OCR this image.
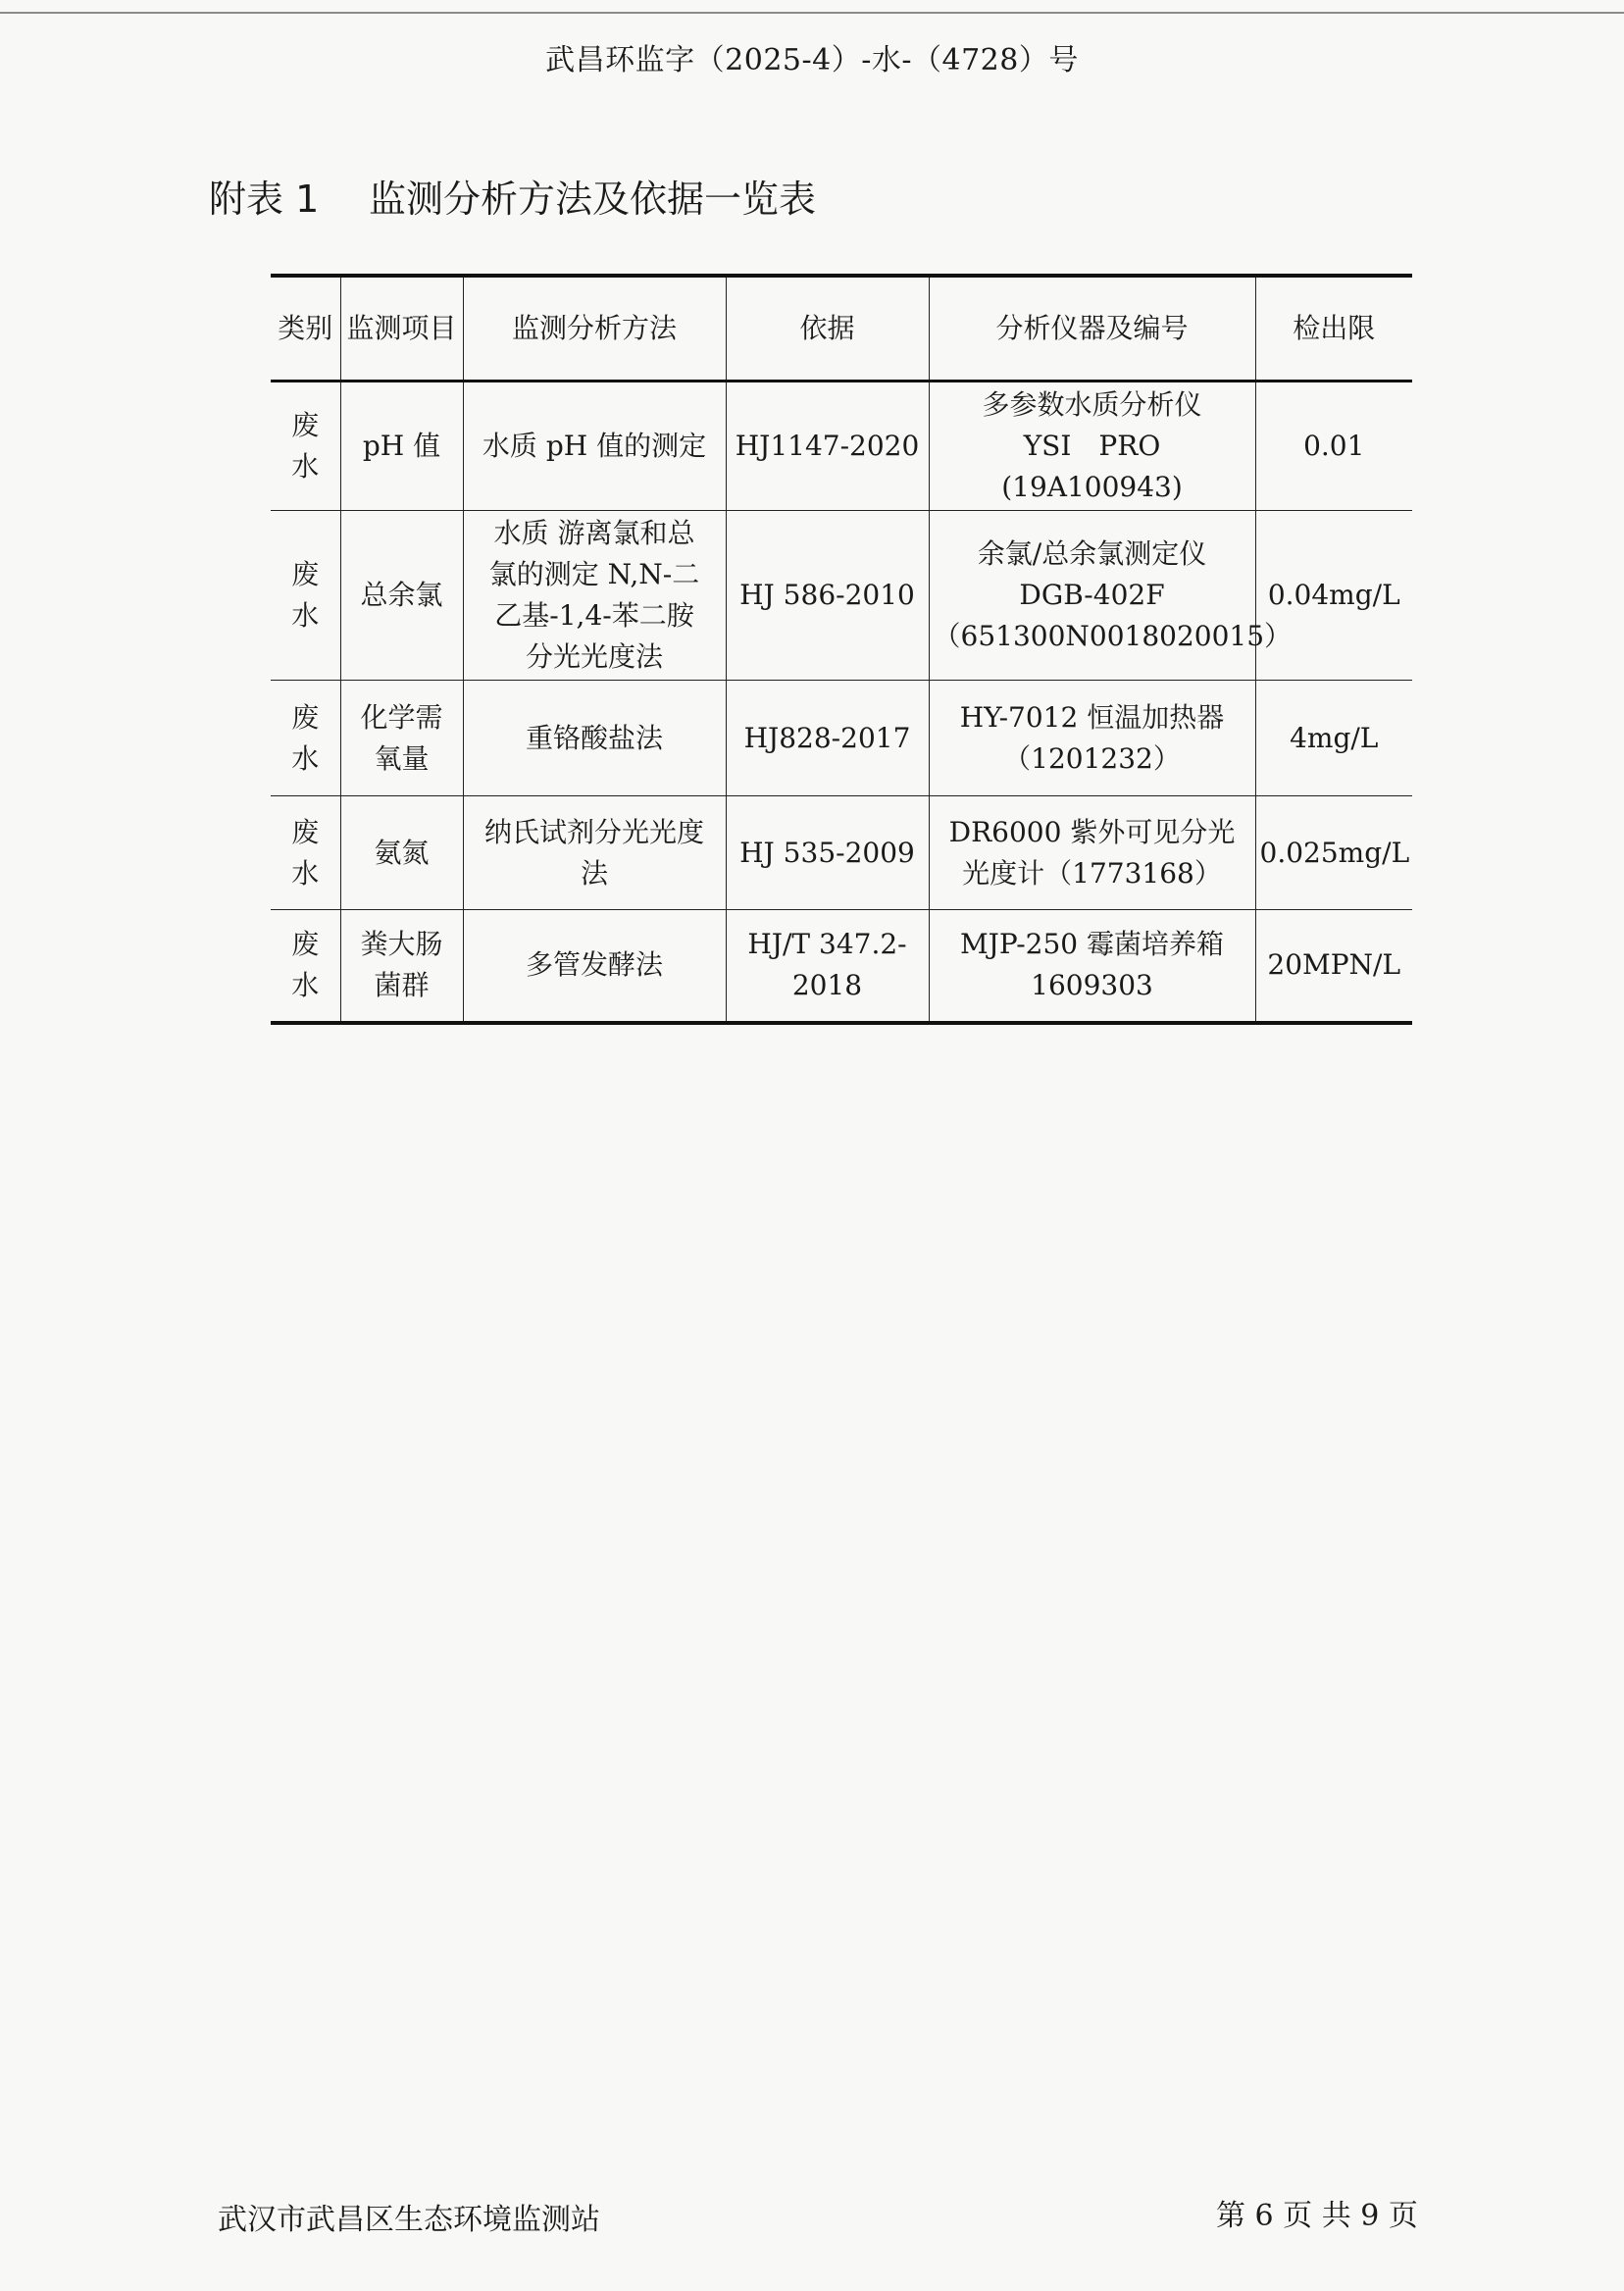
武昌环监字（2025-4）-水-（4728）号
附表 1 监测分析方法及依据一览表
类别	监测项目	监测分析方法	依据	分析仪器及编号	检出限

废
水	pH 值	水质 pH 值的测定	HJ1147-2020	多参数水质分析仪
YSI　PRO
(19A100943)	0.01

废
水	总余氯	水质 游离氯和总
氯的测定 N,N-二
乙基-1,4-苯二胺
分光光度法	HJ 586-2010	余氯/总余氯测定仪
DGB-402F
（651300N0018020015）	0.04mg/L

废
水	化学需
氧量	重铬酸盐法	HJ828-2017	HY-7012 恒温加热器
（1201232）	4mg/L

废
水	氨氮	纳氏试剂分光光度
法	HJ 535-2009	DR6000 紫外可见分光
光度计（1773168）	0.025mg/L

废
水	粪大肠
菌群	多管发酵法	HJ/T 347.2-
2018	MJP-250 霉菌培养箱
1609303	20MPN/L
武汉市武昌区生态环境监测站	第 6 页 共 9 页
